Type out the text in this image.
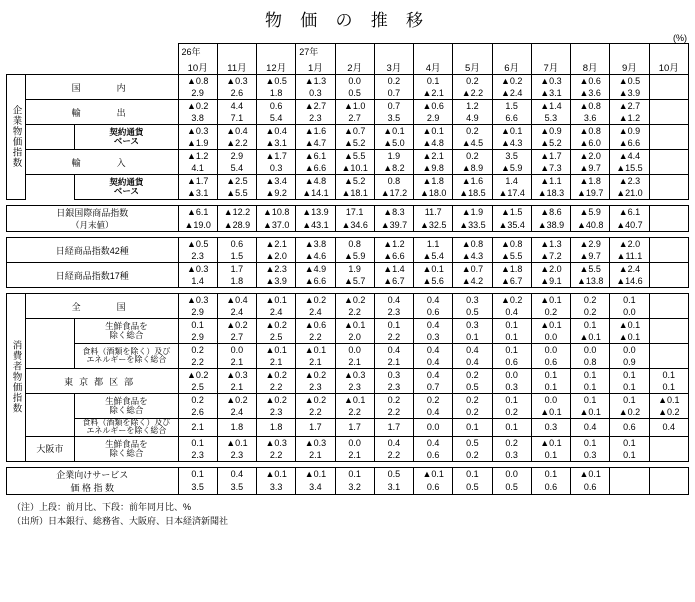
物 価 の 推 移
(%)
			26年			27年									
			10月	11月	12月	1月	2月	3月	4月	5月	6月	7月	8月	9月	10月
企業物価指数	国　　内		▲0.8	▲0.3	▲0.5	▲1.3	0.0	0.2	0.1	0.2	▲0.2	▲0.3	▲0.6	▲0.5	
			2.9	2.6	1.8	0.3	0.5	0.7	▲2.1	▲2.2	▲2.4	▲3.1	▲3.6	▲3.9	
	輸　　出		▲0.2	4.4	0.6	▲2.7	▲1.0	0.7	▲0.6	1.2	1.5	▲1.4	▲0.8	▲2.7	
			3.8	7.1	5.4	2.3	2.7	3.5	2.9	4.9	6.6	5.3	3.6	▲1.2	
		契約通貨
ベース	▲0.3	▲0.4	▲0.4	▲1.6	▲0.7	▲0.1	▲0.1	0.2	▲0.1	▲0.9	▲0.8	▲0.9	
			▲1.9	▲2.2	▲3.1	▲4.7	▲5.2	▲5.0	▲4.8	▲4.5	▲4.3	▲5.2	▲6.0	▲6.6	
	輸　　入		▲1.2	2.9	▲1.7	▲6.1	▲5.5	1.9	▲2.1	0.2	3.5	▲1.7	▲2.0	▲4.4	
			4.1	5.4	0.3	▲6.6	▲10.1	▲8.2	▲9.8	▲8.9	▲5.9	▲7.3	▲9.7	▲15.5	
		契約通貨
ベース	▲1.7	▲2.5	▲3.4	▲4.8	▲5.2	0.8	▲1.8	▲1.6	1.4	▲1.1	▲1.8	▲2.3	
			▲3.1	▲5.5	▲9.2	▲14.1	▲18.1	▲17.2	▲18.0	▲18.5	▲17.4	▲18.3	▲19.7	▲21.0	

日銀国際商品指数
（月末値）			▲6.1	▲12.2	▲10.8	▲13.9	17.1	▲8.3	11.7	▲1.9	▲1.5	▲8.6	▲5.9	▲6.1	
			▲19.0	▲28.9	▲37.0	▲43.1	▲34.6	▲39.7	▲32.5	▲33.5	▲35.4	▲38.9	▲40.8	▲40.7	

日経商品指数42種			▲0.5	0.6	▲2.1	▲3.8	0.8	▲1.2	1.1	▲0.8	▲0.8	▲1.3	▲2.9	▲2.0	
			2.3	1.5	▲2.0	▲4.6	▲5.9	▲6.6	▲5.4	▲4.3	▲5.5	▲7.2	▲9.7	▲11.1	
日経商品指数17種			▲0.3	1.7	▲2.3	▲4.9	1.9	▲1.4	▲0.1	▲0.7	▲1.8	▲2.0	▲5.5	▲2.4	
			1.4	1.8	▲3.9	▲6.6	▲5.7	▲6.7	▲5.6	▲4.2	▲6.7	▲9.1	▲13.8	▲14.6	

消費者物価指数	全　　国		▲0.3	▲0.4	▲0.1	▲0.2	▲0.2	0.4	0.4	0.3	▲0.2	▲0.1	0.2	0.1	
			2.9	2.4	2.4	2.4	2.2	2.3	0.6	0.5	0.4	0.2	0.2	0.0	
		生鮮食品を
除く総合	0.1	▲0.2	▲0.2	▲0.6	▲0.1	0.1	0.4	0.3	0.1	▲0.1	0.1	▲0.1	
			2.9	2.7	2.5	2.2	2.0	2.2	0.3	0.1	0.1	0.0	▲0.1	▲0.1	
		食料（酒類を除く）及び
エネルギーを除く総合	0.2	0.0	▲0.1	▲0.1	0.0	0.4	0.4	0.4	0.1	0.0	0.0	0.0	
			2.2	2.1	2.1	2.1	2.1	2.1	0.4	0.4	0.6	0.6	0.8	0.9	
	東京都区部		▲0.2	▲0.3	▲0.2	▲0.2	▲0.3	0.3	0.4	0.2	0.0	0.1	0.1	0.1	0.1
			2.5	2.1	2.2	2.3	2.3	2.3	0.7	0.5	0.3	0.1	0.1	0.1	0.1
		生鮮食品を
除く総合	0.2	▲0.2	▲0.2	▲0.2	▲0.1	0.2	0.2	0.2	0.1	0.0	0.1	0.1	▲0.1
			2.6	2.4	2.3	2.2	2.2	2.2	0.4	0.2	0.2	▲0.1	▲0.1	▲0.2	▲0.2
		食料（酒類を除く）及び
エネルギーを除く総合	2.1	1.8	1.8	1.7	1.7	1.7	0.0	0.1	0.1	0.3	0.4	0.6	0.4
	大阪市	生鮮食品を
除く総合	0.1	▲0.1	▲0.3	▲0.3	0.0	0.4	0.4	0.5	0.2	▲0.1	0.1	0.1	
			2.3	2.3	2.2	2.1	2.1	2.2	0.6	0.2	0.3	0.1	0.3	0.1	

企業向けサービス
価 格 指 数			0.1	0.4	▲0.1	▲0.1	0.1	0.5	▲0.1	0.1	0.0	0.1	▲0.1		
			3.5	3.5	3.3	3.4	3.2	3.1	0.6	0.5	0.5	0.6	0.6		
（注）上段：前月比、下段：前年同月比、%
（出所）日本銀行、総務省、大阪府、日本経済新聞社
